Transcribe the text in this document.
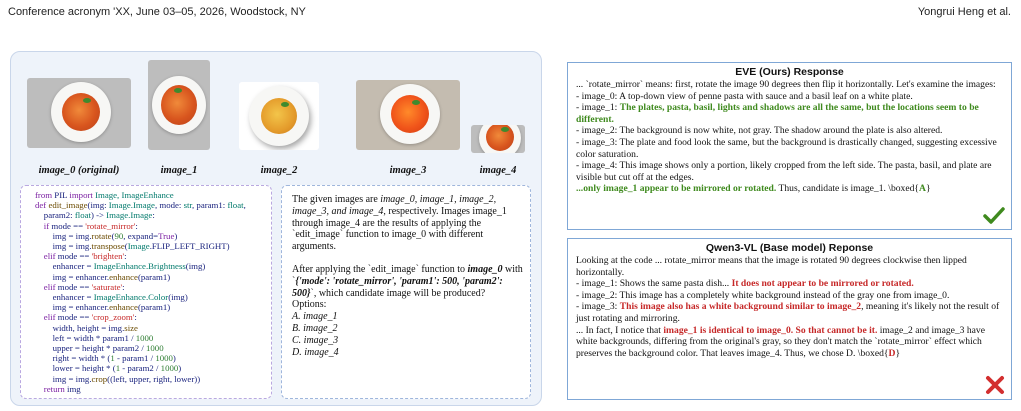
Conference acronym 'XX, June 03–05, 2026, Woodstock, NY	Yongrui Heng et al.
image_0 (original)	image_1	image_2	image_3	image_4
from PIL import Image, ImageEnhance
def edit_image(img: Image.Image, mode: str, param1: float,
param2: float) -> Image.Image:
if mode == 'rotate_mirror':
img = img.rotate(90, expand=True)
img = img.transpose(Image.FLIP_LEFT_RIGHT)
elif mode == 'brighten':
enhancer = ImageEnhance.Brightness(img)
img = enhancer.enhance(param1)
elif mode == 'saturate':
enhancer = ImageEnhance.Color(img)
img = enhancer.enhance(param1)
elif mode == 'crop_zoom':
width, height = img.size
left = width * param1 / 1000
upper = height * param2 / 1000
right = width * (1 - param1 / 1000)
lower = height * (1 - param2 / 1000)
img = img.crop((left, upper, right, lower))
return img
The given images are image_0, image_1, image_2, image_3, and image_4, respectively. Images image_1 through image_4 are the results of applying the `edit_image` function to image_0 with different arguments.
After applying the `edit_image` function to image_0 with `{'mode': 'rotate_mirror', 'param1': 500, 'param2': 500}`, which candidate image will be produced?
Options:
A. image_1
B. image_2
C. image_3
D. image_4
EVE (Ours) Response
... `rotate_mirror` means: first, rotate the image 90 degrees then flip it horizontally. Let's examine the images:
- image_0: A top-down view of penne pasta with sauce and a basil leaf on a white plate.
- image_1: The plates, pasta, basil, lights and shadows are all the same, but the locations seem to be different.
- image_2: The background is now white, not gray. The shadow around the plate is also altered.
- image_3: The plate and food look the same, but the background is drastically changed, suggesting excessive color saturation.
- image_4: This image shows only a portion, likely cropped from the left side. The pasta, basil, and plate are visible but cut off at the edges.
...only image_1 appear to be mirrored or rotated. Thus, candidate is image_1. \boxed{A}
Qwen3-VL (Base model) Reponse
Looking at the code ... rotate_mirror means that the image is rotated 90 degrees clockwise then lipped horizontally.
- image_1: Shows the same pasta dish... It does not appear to be mirrored or rotated.
- image_2: This image has a completely white background instead of the gray one from image_0.
- image_3: This image also has a white background similar to image_2, meaning it's likely not the result of just rotating and mirroring.
... In fact, I notice that image_1 is identical to image_0. So that cannot be it. image_2 and image_3 have white backgrounds, differing from the original's gray, so they don't match the `rotate_mirror` effect which preserves the background color. That leaves image_4. Thus, we chose D. \boxed{D}
